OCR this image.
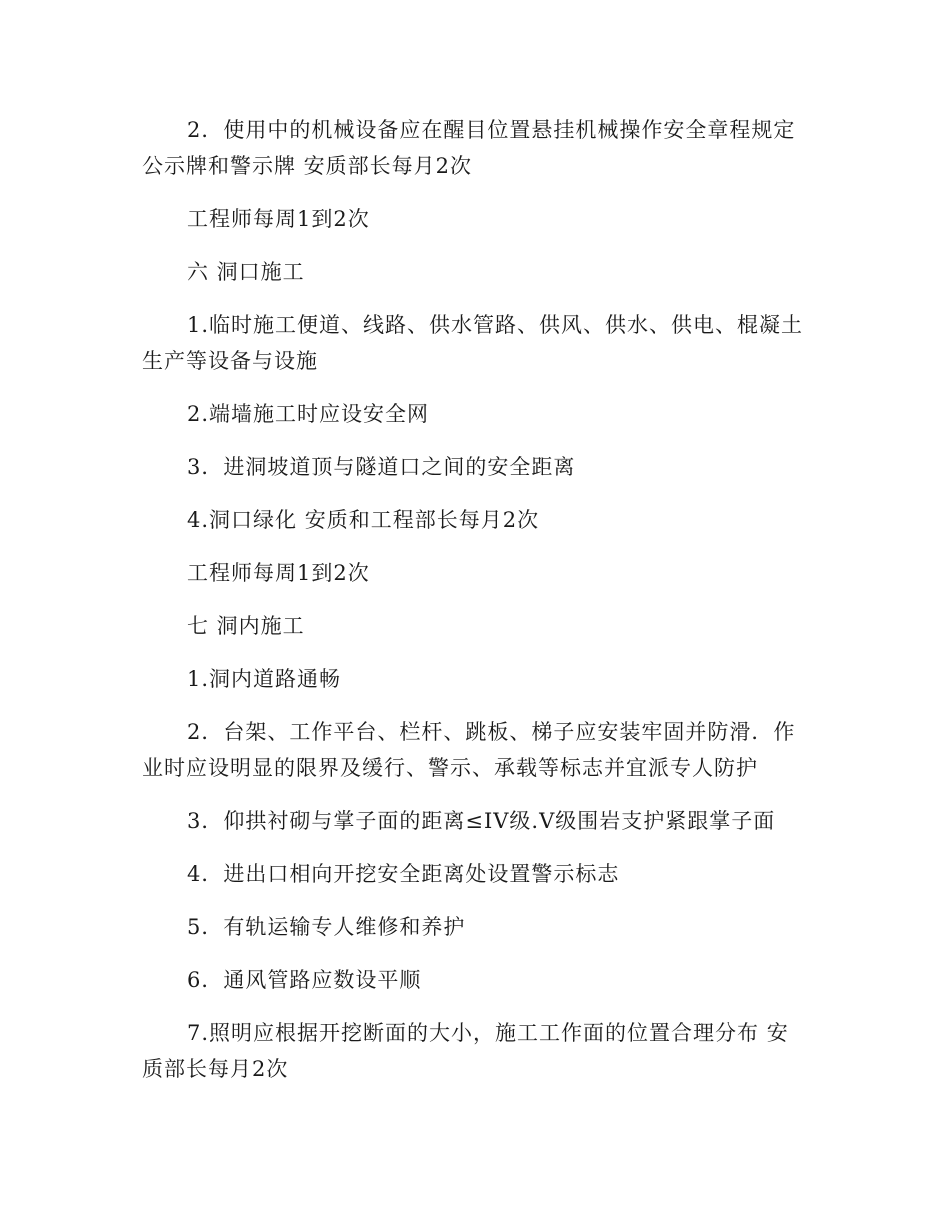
2．使用中的机械设备应在醒目位置悬挂机械操作安全章程规定公示牌和警示牌 安质部长每月2次

工程师每周1到2次

六 洞口施工

1.临时施工便道、线路、供水管路、供风、供水、供电、棍凝土生产等设备与设施

2.端墙施工时应设安全网

3．进洞坡道顶与隧道口之间的安全距离

4.洞口绿化 安质和工程部长每月2次

工程师每周1到2次

七 洞内施工

1.洞内道路通畅

2．台架、工作平台、栏杆、跳板、梯子应安装牢固并防滑．作业时应设明显的限界及缓行、警示、承载等标志并宜派专人防护

3．仰拱衬砌与掌子面的距离≤ⅠV级.Ⅴ级围岩支护紧跟掌子面

4．进出口相向开挖安全距离处设置警示标志

5．有轨运输专人维修和养护

6．通风管路应数设平顺

7.照明应根据开挖断面的大小，施工工作面的位置合理分布 安质部长每月2次
